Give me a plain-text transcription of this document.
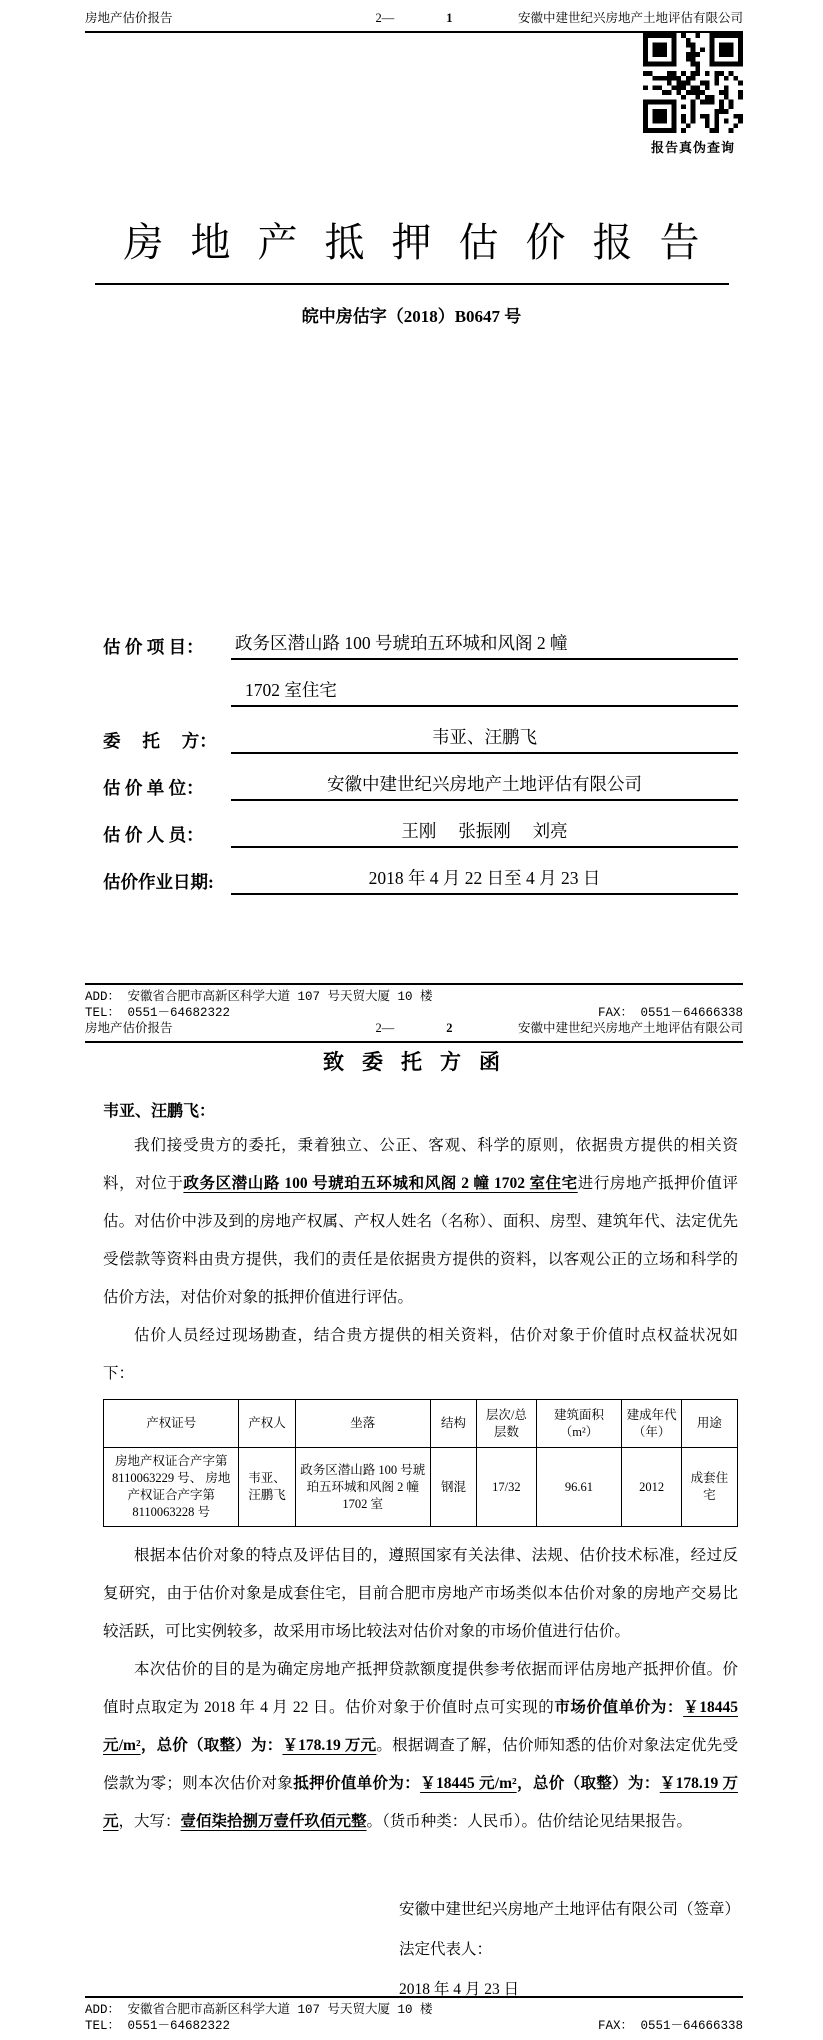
房地产估价报告	2—	1	安徽中建世纪兴房地产土地评估有限公司
报告真伪查询
房地产抵押估价报告
皖中房估字（2018）B0647 号
估 价 项 目：	政务区潜山路 100 号琥珀五环城和风阁 2 幢
1702 室住宅
委　 托 　方：	韦亚、汪鹏飞
估 价 单 位：	安徽中建世纪兴房地产土地评估有限公司
估 价 人 员：	王刚　 张振刚　 刘亮
估价作业日期:	2018 年 4 月 22 日至 4 月 23 日
ADD： 安徽省合肥市高新区科学大道 107 号天贸大厦 10 楼
TEL： 0551－64682322	FAX： 0551－64666338
房地产估价报告	2—	2	安徽中建世纪兴房地产土地评估有限公司
致委托方函
韦亚、汪鹏飞：

我们接受贵方的委托，秉着独立、公正、客观、科学的原则，依据贵方提供的相关资料，对位于政务区潜山路 100 号琥珀五环城和风阁 2 幢 1702 室住宅进行房地产抵押价值评估。对估价中涉及到的房地产权属、产权人姓名（名称）、面积、房型、建筑年代、法定优先受偿款等资料由贵方提供，我们的责任是依据贵方提供的资料，以客观公正的立场和科学的估价方法，对估价对象的抵押价值进行评估。

估价人员经过现场勘查，结合贵方提供的相关资料，估价对象于价值时点权益状况如下：

产权证号	产权人	坐落	结构	层次/总层数	建筑面积（m²）	建成年代（年）	用途
房地产权证合产字第 8110063229 号、 房地产权证合产字第 8110063228 号	韦亚、汪鹏飞	政务区潜山路 100 号琥珀五环城和风阁 2 幢 1702 室	钢混	17/32	96.61	2012	成套住宅

根据本估价对象的特点及评估目的，遵照国家有关法律、法规、估价技术标准，经过反复研究，由于估价对象是成套住宅，目前合肥市房地产市场类似本估价对象的房地产交易比较活跃，可比实例较多，故采用市场比较法对估价对象的市场价值进行估价。

本次估价的目的是为确定房地产抵押贷款额度提供参考依据而评估房地产抵押价值。价值时点取定为 2018 年 4 月 22 日。估价对象于价值时点可实现的市场价值单价为：￥18445 元/m²，总价（取整）为：￥178.19 万元。根据调查了解，估价师知悉的估价对象法定优先受偿款为零；则本次估价对象抵押价值单价为：￥18445 元/m²，总价（取整）为：￥178.19 万元，大写：壹佰柒拾捌万壹仟玖佰元整。（货币种类：人民币）。估价结论见结果报告。

安徽中建世纪兴房地产土地评估有限公司（签章）
法定代表人：
2018 年 4 月 23 日
ADD： 安徽省合肥市高新区科学大道 107 号天贸大厦 10 楼
TEL： 0551－64682322	FAX： 0551－64666338
